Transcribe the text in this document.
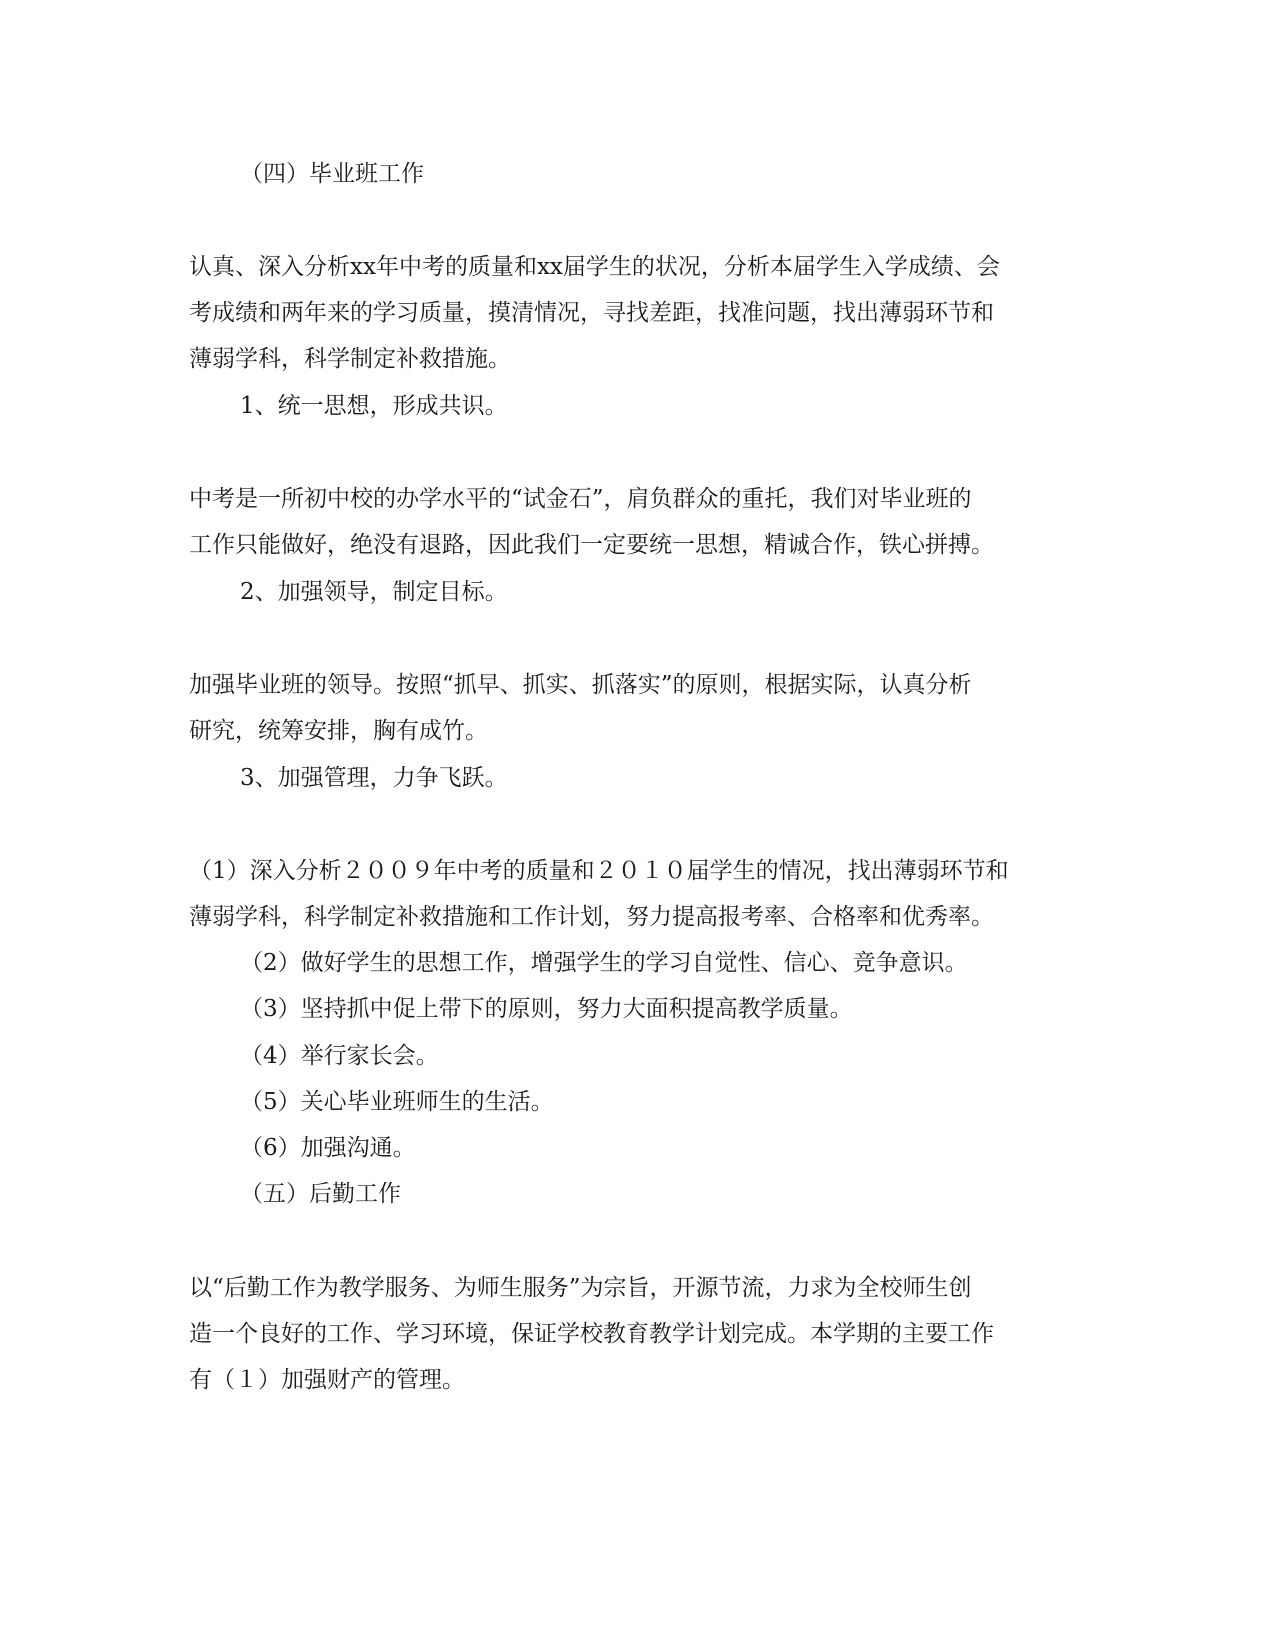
（四）毕业班工作
认真、深入分析xx年中考的质量和xx届学生的状况，分析本届学生入学成绩、会
考成绩和两年来的学习质量，摸清情况，寻找差距，找准问题，找出薄弱环节和
薄弱学科，科学制定补救措施。
1、统一思想，形成共识。
中考是一所初中校的办学水平的“试金石”，肩负群众的重托，我们对毕业班的
工作只能做好，绝没有退路，因此我们一定要统一思想，精诚合作，铁心拼搏。
2、加强领导，制定目标。
加强毕业班的领导。按照“抓早、抓实、抓落实”的原则，根据实际，认真分析
研究，统筹安排，胸有成竹。
3、加强管理，力争飞跃。
（1）深入分析２００９年中考的质量和２０１０届学生的情况，找出薄弱环节和
薄弱学科，科学制定补救措施和工作计划，努力提高报考率、合格率和优秀率。
（2）做好学生的思想工作，增强学生的学习自觉性、信心、竞争意识。
（3）坚持抓中促上带下的原则，努力大面积提高教学质量。
（4）举行家长会。
（5）关心毕业班师生的生活。
（6）加强沟通。
（五）后勤工作
以“后勤工作为教学服务、为师生服务”为宗旨，开源节流，力求为全校师生创
造一个良好的工作、学习环境，保证学校教育教学计划完成。本学期的主要工作
有（１）加强财产的管理。
